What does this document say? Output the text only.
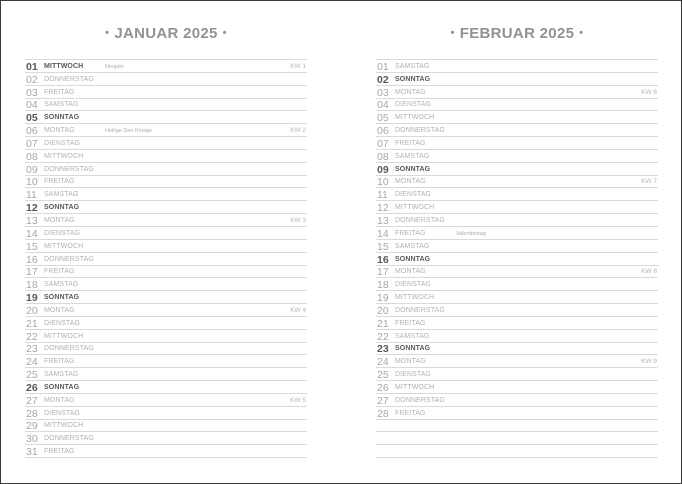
• JANUAR 2025 •
01 MITTWOCH	Neujahr	KW 1
02 DONNERSTAG
03 FREITAG
04 SAMSTAG
05 SONNTAG
06 MONTAG	Heilige Drei Könige	KW 2
07 DIENSTAG
08 MITTWOCH
09 DONNERSTAG
10 FREITAG
11 SAMSTAG
12 SONNTAG
13 MONTAG	KW 3
14 DIENSTAG
15 MITTWOCH
16 DONNERSTAG
17 FREITAG
18 SAMSTAG
19 SONNTAG
20 MONTAG	KW 4
21 DIENSTAG
22 MITTWOCH
23 DONNERSTAG
24 FREITAG
25 SAMSTAG
26 SONNTAG
27 MONTAG	KW 5
28 DIENSTAG
29 MITTWOCH
30 DONNERSTAG
31 FREITAG
• FEBRUAR 2025 •
01 SAMSTAG
02 SONNTAG
03 MONTAG	KW 6
04 DIENSTAG
05 MITTWOCH
06 DONNERSTAG
07 FREITAG
08 SAMSTAG
09 SONNTAG
10 MONTAG	KW 7
11 DIENSTAG
12 MITTWOCH
13 DONNERSTAG
14 FREITAG	Valentinstag
15 SAMSTAG
16 SONNTAG
17 MONTAG	KW 8
18 DIENSTAG
19 MITTWOCH
20 DONNERSTAG
21 FREITAG
22 SAMSTAG
23 SONNTAG
24 MONTAG	KW 9
25 DIENSTAG
26 MITTWOCH
27 DONNERSTAG
28 FREITAG
